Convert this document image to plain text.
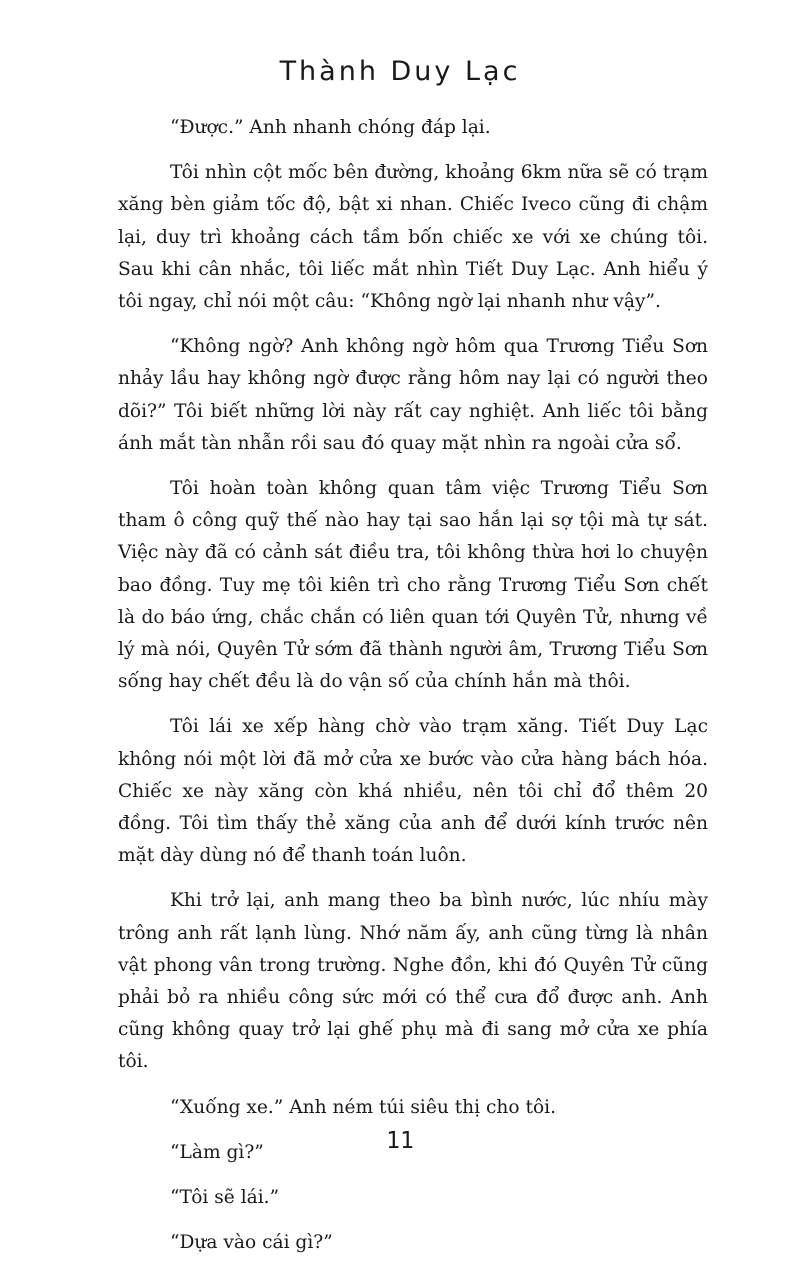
Thành Duy Lạc

“Được.” Anh nhanh chóng đáp lại.

Tôi nhìn cột mốc bên đường, khoảng 6km nữa sẽ có trạm xăng bèn giảm tốc độ, bật xi nhan. Chiếc Iveco cũng đi chậm lại, duy trì khoảng cách tầm bốn chiếc xe với xe chúng tôi. Sau khi cân nhắc, tôi liếc mắt nhìn Tiết Duy Lạc. Anh hiểu ý tôi ngay, chỉ nói một câu: “Không ngờ lại nhanh như vậy”.

“Không ngờ? Anh không ngờ hôm qua Trương Tiểu Sơn nhảy lầu hay không ngờ được rằng hôm nay lại có người theo dõi?” Tôi biết những lời này rất cay nghiệt. Anh liếc tôi bằng ánh mắt tàn nhẫn rồi sau đó quay mặt nhìn ra ngoài cửa sổ.

Tôi hoàn toàn không quan tâm việc Trương Tiểu Sơn tham ô công quỹ thế nào hay tại sao hắn lại sợ tội mà tự sát. Việc này đã có cảnh sát điều tra, tôi không thừa hơi lo chuyện bao đồng. Tuy mẹ tôi kiên trì cho rằng Trương Tiểu Sơn chết là do báo ứng, chắc chắn có liên quan tới Quyên Tử, nhưng về lý mà nói, Quyên Tử sớm đã thành người âm, Trương Tiểu Sơn sống hay chết đều là do vận số của chính hắn mà thôi.

Tôi lái xe xếp hàng chờ vào trạm xăng. Tiết Duy Lạc không nói một lời đã mở cửa xe bước vào cửa hàng bách hóa. Chiếc xe này xăng còn khá nhiều, nên tôi chỉ đổ thêm 20 đồng. Tôi tìm thấy thẻ xăng của anh để dưới kính trước nên mặt dày dùng nó để thanh toán luôn.

Khi trở lại, anh mang theo ba bình nước, lúc nhíu mày trông anh rất lạnh lùng. Nhớ năm ấy, anh cũng từng là nhân vật phong vân trong trường. Nghe đồn, khi đó Quyên Tử cũng phải bỏ ra nhiều công sức mới có thể cưa đổ được anh. Anh cũng không quay trở lại ghế phụ mà đi sang mở cửa xe phía tôi.

“Xuống xe.” Anh ném túi siêu thị cho tôi.

“Làm gì?”

“Tôi sẽ lái.”

“Dựa vào cái gì?”

11
